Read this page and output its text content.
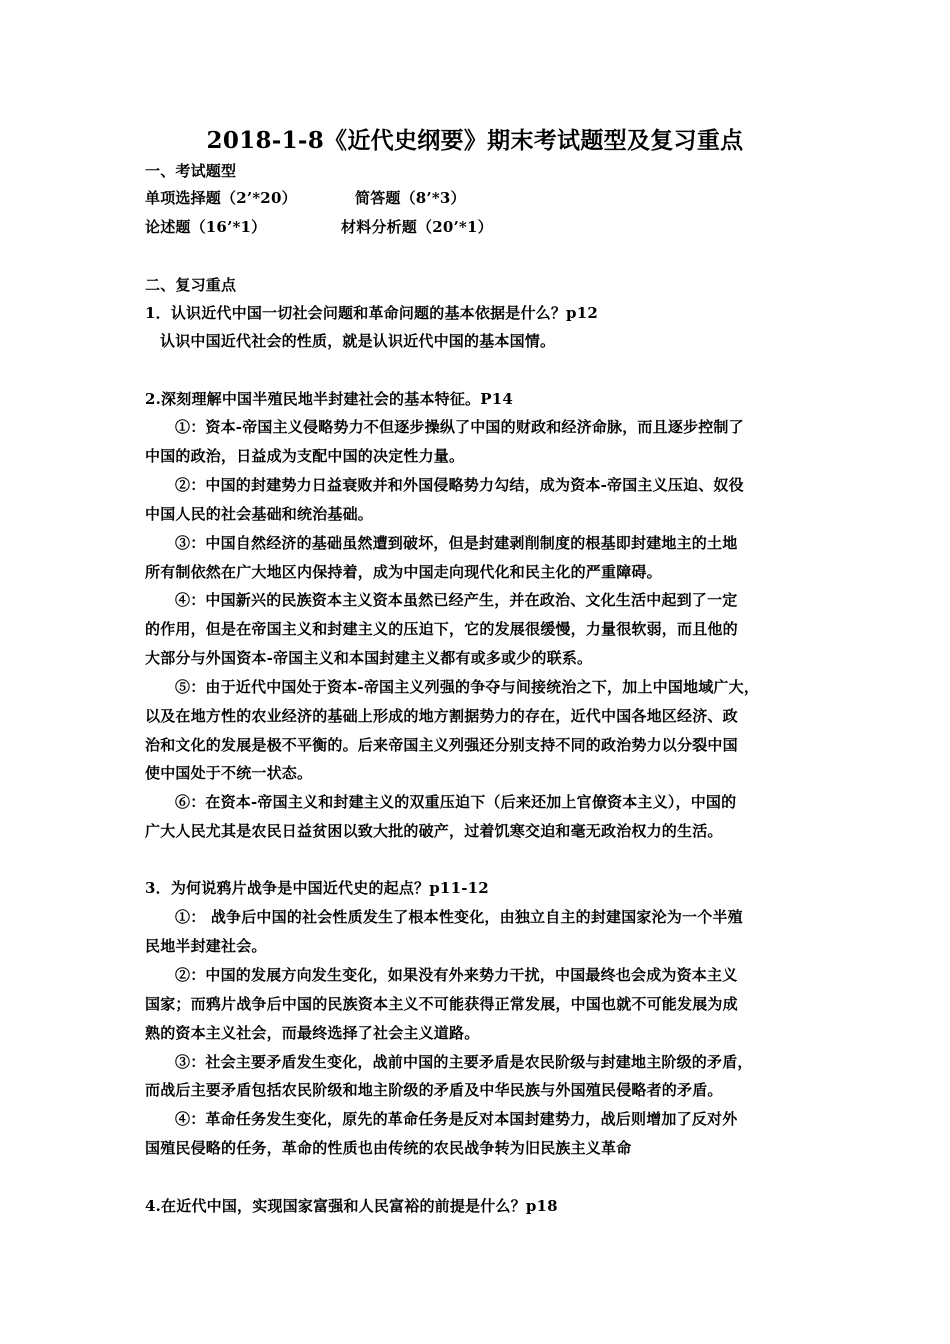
2018-1-8《近代史纲要》期末考试题型及复习重点
一、考试题型
单项选择题（2’*20）	简答题（8’*3）
论述题（16’*1）	材料分析题（20’*1）
二、复习重点
1．认识近代中国一切社会问题和革命问题的基本依据是什么？p12
认识中国近代社会的性质，就是认识近代中国的基本国情。
2.深刻理解中国半殖民地半封建社会的基本特征。P14
①：资本-帝国主义侵略势力不但逐步操纵了中国的财政和经济命脉，而且逐步控制了
中国的政治，日益成为支配中国的决定性力量。
②：中国的封建势力日益衰败并和外国侵略势力勾结，成为资本-帝国主义压迫、奴役
中国人民的社会基础和统治基础。
③：中国自然经济的基础虽然遭到破坏，但是封建剥削制度的根基即封建地主的土地
所有制依然在广大地区内保持着，成为中国走向现代化和民主化的严重障碍。
④：中国新兴的民族资本主义资本虽然已经产生，并在政治、文化生活中起到了一定
的作用，但是在帝国主义和封建主义的压迫下，它的发展很缓慢，力量很软弱，而且他的
大部分与外国资本-帝国主义和本国封建主义都有或多或少的联系。
⑤：由于近代中国处于资本-帝国主义列强的争夺与间接统治之下，加上中国地域广大，
以及在地方性的农业经济的基础上形成的地方割据势力的存在，近代中国各地区经济、政
治和文化的发展是极不平衡的。后来帝国主义列强还分别支持不同的政治势力以分裂中国
使中国处于不统一状态。
⑥：在资本-帝国主义和封建主义的双重压迫下（后来还加上官僚资本主义），中国的
广大人民尤其是农民日益贫困以致大批的破产，过着饥寒交迫和毫无政治权力的生活。
3．为何说鸦片战争是中国近代史的起点？p11-12
①： 战争后中国的社会性质发生了根本性变化，由独立自主的封建国家沦为一个半殖
民地半封建社会。
②：中国的发展方向发生变化，如果没有外来势力干扰，中国最终也会成为资本主义
国家；而鸦片战争后中国的民族资本主义不可能获得正常发展，中国也就不可能发展为成
熟的资本主义社会，而最终选择了社会主义道路。
③：社会主要矛盾发生变化，战前中国的主要矛盾是农民阶级与封建地主阶级的矛盾，
而战后主要矛盾包括农民阶级和地主阶级的矛盾及中华民族与外国殖民侵略者的矛盾。
④：革命任务发生变化，原先的革命任务是反对本国封建势力，战后则增加了反对外
国殖民侵略的任务，革命的性质也由传统的农民战争转为旧民族主义革命
4.在近代中国，实现国家富强和人民富裕的前提是什么？p18
